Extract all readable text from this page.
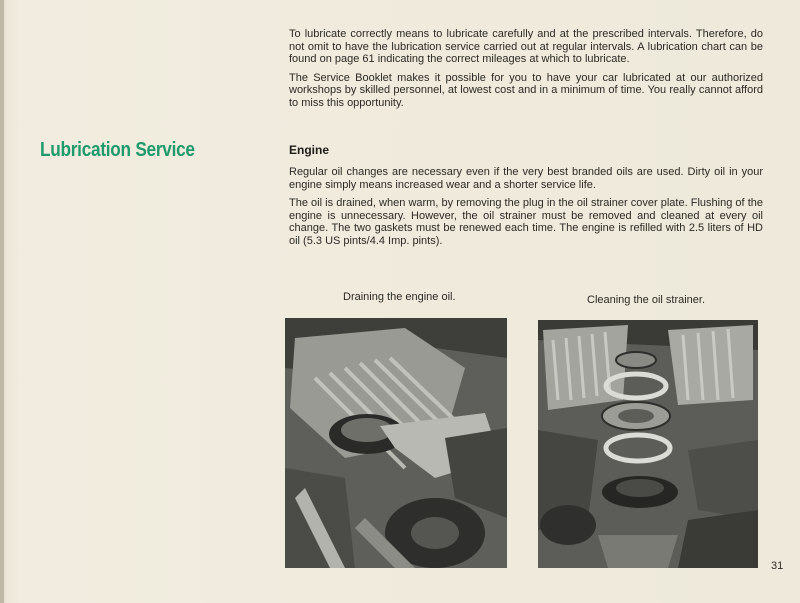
Lubrication Service

To lubricate correctly means to lubricate carefully and at the prescribed intervals. Therefore, do not omit to have the lubrication service carried out at regular intervals. A lubrication chart can be found on page 61 indicating the correct mileages at which to lubricate.

The Service Booklet makes it possible for you to have your car lubricated at our authorized workshops by skilled personnel, at lowest cost and in a minimum of time. You really cannot afford to miss this opportunity.

Engine

Regular oil changes are necessary even if the very best branded oils are used. Dirty oil in your engine simply means increased wear and a shorter service life.

The oil is drained, when warm, by removing the plug in the oil strainer cover plate. Flushing of the engine is unnecessary. However, the oil strainer must be removed and cleaned at every oil change. The two gaskets must be renewed each time. The engine is refilled with 2.5 liters of HD oil (5.3 US pints/4.4 Imp. pints).

Draining the engine oil.	Cleaning the oil strainer.
31
